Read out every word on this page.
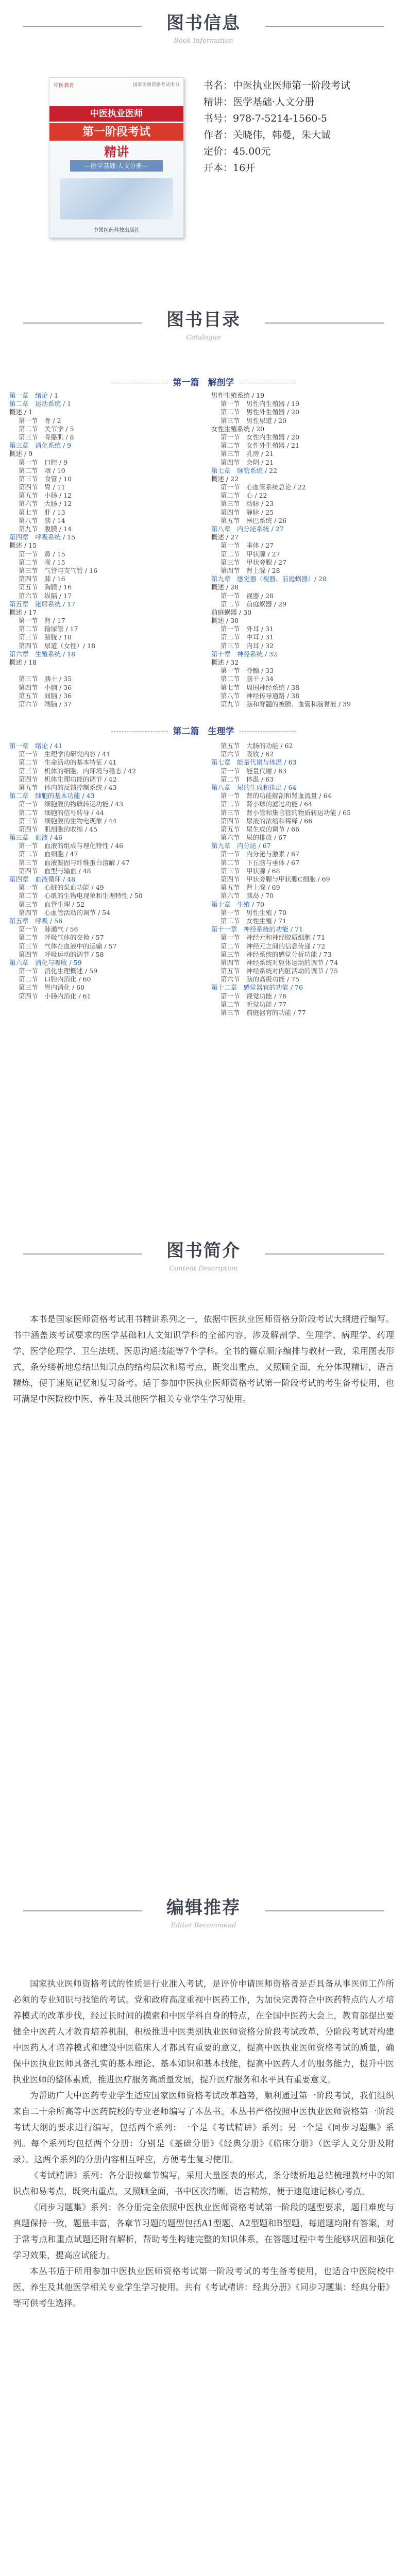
图书信息
Book Information
中医教育	国家医师资格考试用书
中医执业医师
第一阶段考试
精讲
—医学基础·人文分册—
中国医药科技出版社
书名：中医执业医师第一阶段考试
精讲：医学基础·人文分册
书号：978-7-5214-1560-5
作者：关晓伟，韩曼，朱大诚
定价：45.00元
开本：16开
图书目录
Catalogue
第一篇　解剖学
第一章　绪论 / 1
第二章　运动系统 / 1
概述 / 1
第一节　骨 / 2
第二节　关节学 / 5
第三节　骨骼肌 / 8
第三章　消化系统 / 9
概述 / 9
第一节　口腔 / 9
第二节　咽 / 10
第三节　食管 / 10
第四节　胃 / 11
第五节　小肠 / 12
第六节　大肠 / 12
第七节　肝 / 13
第八节　胰 / 14
第九节　腹膜 / 14
第四章　呼吸系统 / 15
概述 / 15
第一节　鼻 / 15
第二节　喉 / 15
第三节　气管与支气管 / 16
第四节　肺 / 16
第五节　胸膜 / 16
第六节　纵隔 / 17
第五章　泌尿系统 / 17
概述 / 17
第一节　肾 / 17
第二节　输尿管 / 17
第三节　膀胱 / 18
第四节　尿道（女性）/ 18
第六章　生殖系统 / 18
概述 / 18
第三节　胰十 / 35
第四节　小脑 / 36
第五节　间脑 / 36
第六节　端脑 / 37
男性生殖系统 / 19
第一节　男性内生殖器 / 19
第二节　男性外生殖器 / 20
第三节　男性尿道 / 20
女性生殖系统 / 20
第一节　女性内生殖器 / 20
第二节　女性外生殖器 / 21
第三节　乳房 / 21
第四节　会阴 / 21
第七章　脉管系统 / 22
概述 / 22
第一节　心血管系统总论 / 22
第二节　心 / 22
第三节　动脉 / 23
第四节　静脉 / 25
第五节　淋巴系统 / 26
第八章　内分泌系统 / 27
概述 / 27
第一节　垂体 / 27
第二节　甲状腺 / 27
第三节　甲状旁腺 / 27
第四节　肾上腺 / 28
第九章　感觉器（视器、前庭蜗器）/ 28
概述 / 28
第一节　视器 / 28
第二节　前庭蜗器 / 29
前庭蜗器 / 30
概述 / 30
第一节　外耳 / 31
第二节　中耳 / 31
第三节　内耳 / 32
第十章　神经系统 / 32
概述 / 32
第一节　脊髓 / 33
第二节　脑干 / 34
第七节　周围神经系统 / 38
第八节　神经传导通路 / 38
第九节　脑和脊髓的被膜、血管和脑脊液 / 39
第二篇　生理学
第一章　绪论 / 41
第一节　生理学的研究内容 / 41
第二节　生命活动的基本特征 / 41
第三节　机体的细胞、内环境与稳态 / 42
第四节　机体生理功能的调节 / 42
第五节　体内的反馈控制系统 / 43
第二章　细胞的基本功能 / 43
第一节　细胞膜的物质转运功能 / 43
第二节　细胞的信号转导 / 44
第三节　细胞膜的生物电现象 / 44
第四节　肌细胞的收缩 / 45
第三章　血液 / 46
第一节　血液的组成与理化特性 / 46
第二节　血细胞 / 47
第三节　血液凝固与纤维蛋白溶解 / 47
第四节　血型与输血 / 48
第四章　血液循环 / 48
第一节　心脏的泵血功能 / 49
第二节　心肌的生物电现象和生理特性 / 50
第三节　血管生理 / 52
第四节　心血管活动的调节 / 54
第五章　呼吸 / 56
第一节　肺通气 / 56
第二节　呼吸气体的交换 / 57
第三节　气体在血液中的运输 / 57
第四节　呼吸运动的调节 / 58
第六章　消化与吸收 / 59
第一节　消化生理概述 / 59
第二节　口腔内消化 / 60
第三节　胃内消化 / 60
第四节　小肠内消化 / 61
第五节　大肠的功能 / 62
第六节　吸收 / 62
第七章　能量代谢与体温 / 63
第一节　能量代谢 / 63
第二节　体温 / 63
第八章　尿的生成和排出 / 64
第一节　肾的功能解剖和肾血流量 / 64
第二节　肾小球的滤过功能 / 64
第三节　肾小管和集合管的物质转运功能 / 65
第四节　尿液的浓缩和稀释 / 66
第五节　尿生成的调节 / 66
第六节　尿的排放 / 67
第九章　内分泌 / 67
第一节　内分泌与激素 / 67
第二节　下丘脑与垂体 / 67
第三节　甲状腺 / 68
第四节　甲状旁腺与甲状腺C细胞 / 69
第五节　肾上腺 / 69
第六节　胰岛 / 70
第十章　生殖 / 70
第一节　男性生殖 / 70
第二节　女性生殖 / 71
第十一章　神经系统的功能 / 71
第一节　神经元和神经胶质细胞 / 71
第二节　神经元之间的信息传递 / 72
第三节　神经系统的感觉分析功能 / 73
第四节　神经系统对躯体运动的调节 / 74
第五节　神经系统对内脏活动的调节 / 75
第六节　脑的高级功能 / 75
第十二章　感觉器官的功能 / 76
第一节　视觉功能 / 76
第二节　听觉功能 / 77
第三节　前庭器官的功能 / 77
图书简介
Content Description
本书是国家医师资格考试用书精讲系列之一，依据中医执业医师资格分阶段考试大纲进行编写。书中涵盖该考试要求的医学基础和人文知识学科的全部内容，涉及解剖学、生理学、病理学、药理学、医学伦理学、卫生法规、医患沟通技能等7个学科。全书的篇章顺序编排与教材一致，采用图表形式，条分缕析地总结出知识点的结构层次和易考点，既突出重点，又照顾全面，充分体现精讲，语言精炼，便于速览记忆和复习备考。适于参加中医执业医师资格考试第一阶段考试的考生备考使用，也可满足中医院校中医、养生及其他医学相关专业学生学习使用。
编辑推荐
Editor Recommend
国家执业医师资格考试的性质是行业准入考试，是评价申请医师资格者是否具备从事医师工作所必须的专业知识与技能的考试。党和政府高度重视中医药工作，为加快完善符合中医药特点的人才培养模式的改革步伐，经过长时间的摸索和中医学科自身的特点，在全国中医药大会上，教育部提出要健全中医药人才教育培养机制，积极推进中医类别执业医师资格分阶段考试改革，分阶段考试对构建中医药人才培养模式和建设中医临床人才都具有重要的意义，提高中医执业医师资格考试的质量，确保中医执业医师具备扎实的基本理论、基本知识和基本技能，提高中医药人才的服务能力，提升中医执业医师的整体素质，推进医疗服务高质量发展，提升医疗服务和水平具有重要意义。
为帮助广大中医药专业学生适应国家医师资格考试改革趋势，顺利通过第一阶段考试，我们组织来自二十余所高等中医药院校的专业老师编写了本丛书。本丛书严格按照中医执业医师资格第一阶段考试大纲的要求进行编写，包括两个系列：一个是《考试精讲》系列；另一个是《同步习题集》系列。每个系列均包括两个分册：分别是《基础分册》《经典分册》《临床分册》（医学人文分册及附录）。这两个系列的分册内容相互呼应，方便考生复习使用。
《考试精讲》系列：各分册按章节编写，采用大量图表的形式，条分缕析地总结梳理教材中的知识点和易考点，既突出重点，又照顾全面，书中区次清晰，语言精炼，便于速览速记核心考点。
《同步习题集》系列：各分册完全依照中医执业医师资格考试第一阶段的题型要求，题目难度与真题保持一致，题量丰富，各章节习题的题型包括A1型题、A2型题和B型题，每道题均附有答案，对于常考点和重点试题还附有解析，帮助考生构建完整的知识体系，在答题过程中考生能够巩固和强化学习效果，提高应试能力。
本丛书适于所用参加中医执业医师资格考试第一阶段考试的考生备考使用，也适合中医院校中医、养生及其他医学相关专业学生学习使用。共有《考试精讲：经典分册》《同步习题集：经典分册》等可供考生选择。
